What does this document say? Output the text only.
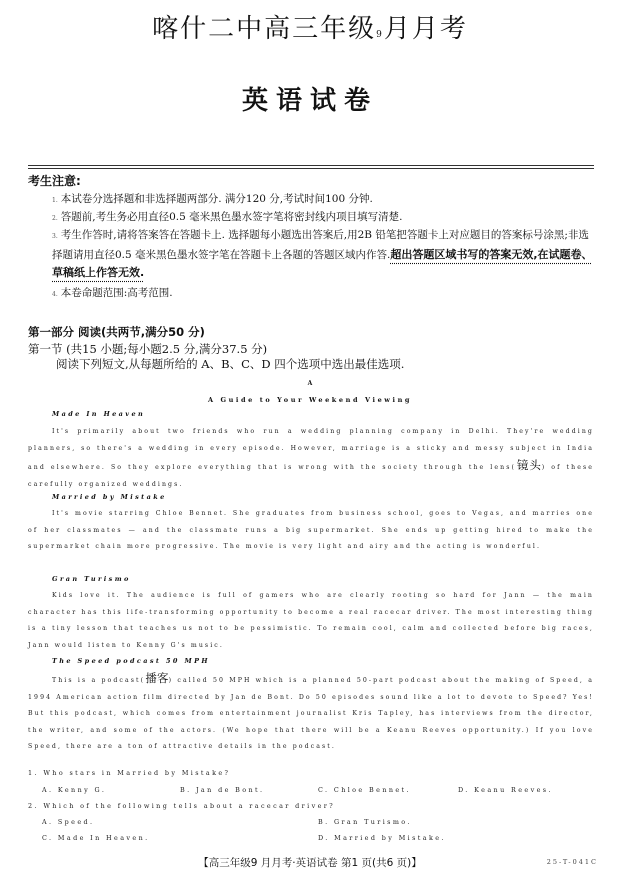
喀什二中高三年级9月月考
英语试卷
考生注意:
1. 本试卷分选择题和非选择题两部分. 满分120 分,考试时间100 分钟.
2. 答题前,考生务必用直径0.5 毫米黑色墨水签字笔将密封线内项目填写清楚.
3. 考生作答时,请将答案答在答题卡上. 选择题每小题选出答案后,用2B 铅笔把答题卡上对应题目的答案标号涂黑;非选择题请用直径0.5 毫米黑色墨水签字笔在答题卡上各题的答题区域内作答.超出答题区域书写的答案无效,在试题卷、草稿纸上作答无效.
4. 本卷命题范围:高考范围.
第一部分 阅读(共两节,满分50 分)
第一节 (共15 小题;每小题2.5 分,满分37.5 分)
阅读下列短文,从每题所给的 A、B、C、D 四个选项中选出最佳选项.
A
A Guide to Your Weekend Viewing
Made In Heaven
It's primarily about two friends who run a wedding planning company in Delhi. They're wedding planners, so there's a wedding in every episode. However, marriage is a sticky and messy subject in India and elsewhere. So they explore everything that is wrong with the society through the lens(镜头) of these carefully organized weddings.
Married by Mistake
It's movie starring Chloe Bennet. She graduates from business school, goes to Vegas, and marries one of her classmates — and the classmate runs a big supermarket. She ends up getting hired to make the supermarket chain more progressive. The movie is very light and airy and the acting is wonderful.
Gran Turismo
Kids love it. The audience is full of gamers who are clearly rooting so hard for Jann — the main character has this life-transforming opportunity to become a real racecar driver. The most interesting thing is a tiny lesson that teaches us not to be pessimistic. To remain cool, calm and collected before big races, Jann would listen to Kenny G's music.
The Speed podcast 50 MPH
This is a podcast(播客) called 50 MPH which is a planned 50-part podcast about the making of Speed, a 1994 American action film directed by Jan de Bont. Do 50 episodes sound like a lot to devote to Speed? Yes! But this podcast, which comes from entertainment journalist Kris Tapley, has interviews from the director, the writer, and some of the actors. (We hope that there will be a Keanu Reeves opportunity.) If you love Speed, there are a ton of attractive details in the podcast.
1. Who stars in Married by Mistake?
A. Kenny G.	B. Jan de Bont.	C. Chloe Bennet.	D. Keanu Reeves.
2. Which of the following tells about a racecar driver?
A. Speed.	B. Gran Turismo.
C. Made In Heaven.	D. Married by Mistake.
【高三年级9 月月考·英语试卷 第1 页(共6 页)】	25-T-041C
